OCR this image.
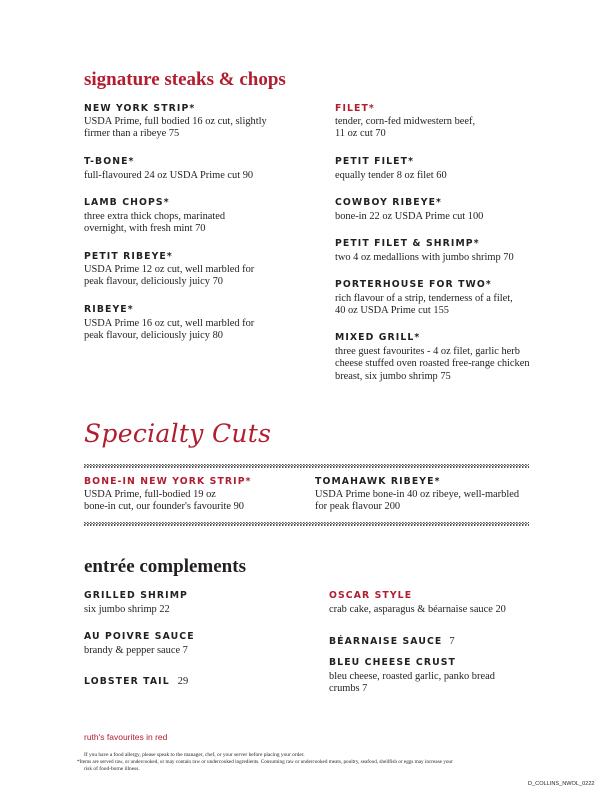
signature steaks & chops
NEW YORK STRIP*
USDA Prime, full bodied 16 oz cut, slightly
firmer than a ribeye 75
T-BONE*
full-flavoured 24 oz USDA Prime cut 90
LAMB CHOPS*
three extra thick chops, marinated
overnight, with fresh mint 70
PETIT RIBEYE*
USDA Prime 12 oz cut, well marbled for
peak flavour, deliciously juicy 70
RIBEYE*
USDA Prime 16 oz cut, well marbled for
peak flavour, deliciously juicy 80
FILET*
tender, corn-fed midwestern beef,
11 oz cut 70
PETIT FILET*
equally tender 8 oz filet 60
COWBOY RIBEYE*
bone-in 22 oz USDA Prime cut 100
PETIT FILET & SHRIMP*
two 4 oz medallions with jumbo shrimp 70
PORTERHOUSE FOR TWO*
rich flavour of a strip, tenderness of a filet,
40 oz USDA Prime cut 155
MIXED GRILL*
three guest favourites - 4 oz filet, garlic herb
cheese stuffed oven roasted free-range chicken
breast, six jumbo shrimp 75
Specialty Cuts
BONE-IN NEW YORK STRIP*
USDA Prime, full-bodied 19 oz
bone-in cut, our founder's favourite 90
TOMAHAWK RIBEYE*
USDA Prime bone-in 40 oz ribeye, well-marbled
for peak flavour 200
entrée complements
GRILLED SHRIMP
six jumbo shrimp 22
AU POIVRE SAUCE
brandy & pepper sauce 7
LOBSTER TAIL 29
OSCAR STYLE
crab cake, asparagus & béarnaise sauce 20
BÉARNAISE SAUCE 7
BLEU CHEESE CRUST
bleu cheese, roasted garlic, panko bread
crumbs 7
ruth's favourites in red
If you have a food allergy, please speak to the manager, chef, or your server before placing your order.
*Items are served raw, or undercooked, or may contain raw or undercooked ingredients. Consuming raw or undercooked meats, poultry, seafood, shellfish or eggs may increase your
risk of food-borne illness.
D_COLLINS_NWOL_0222
